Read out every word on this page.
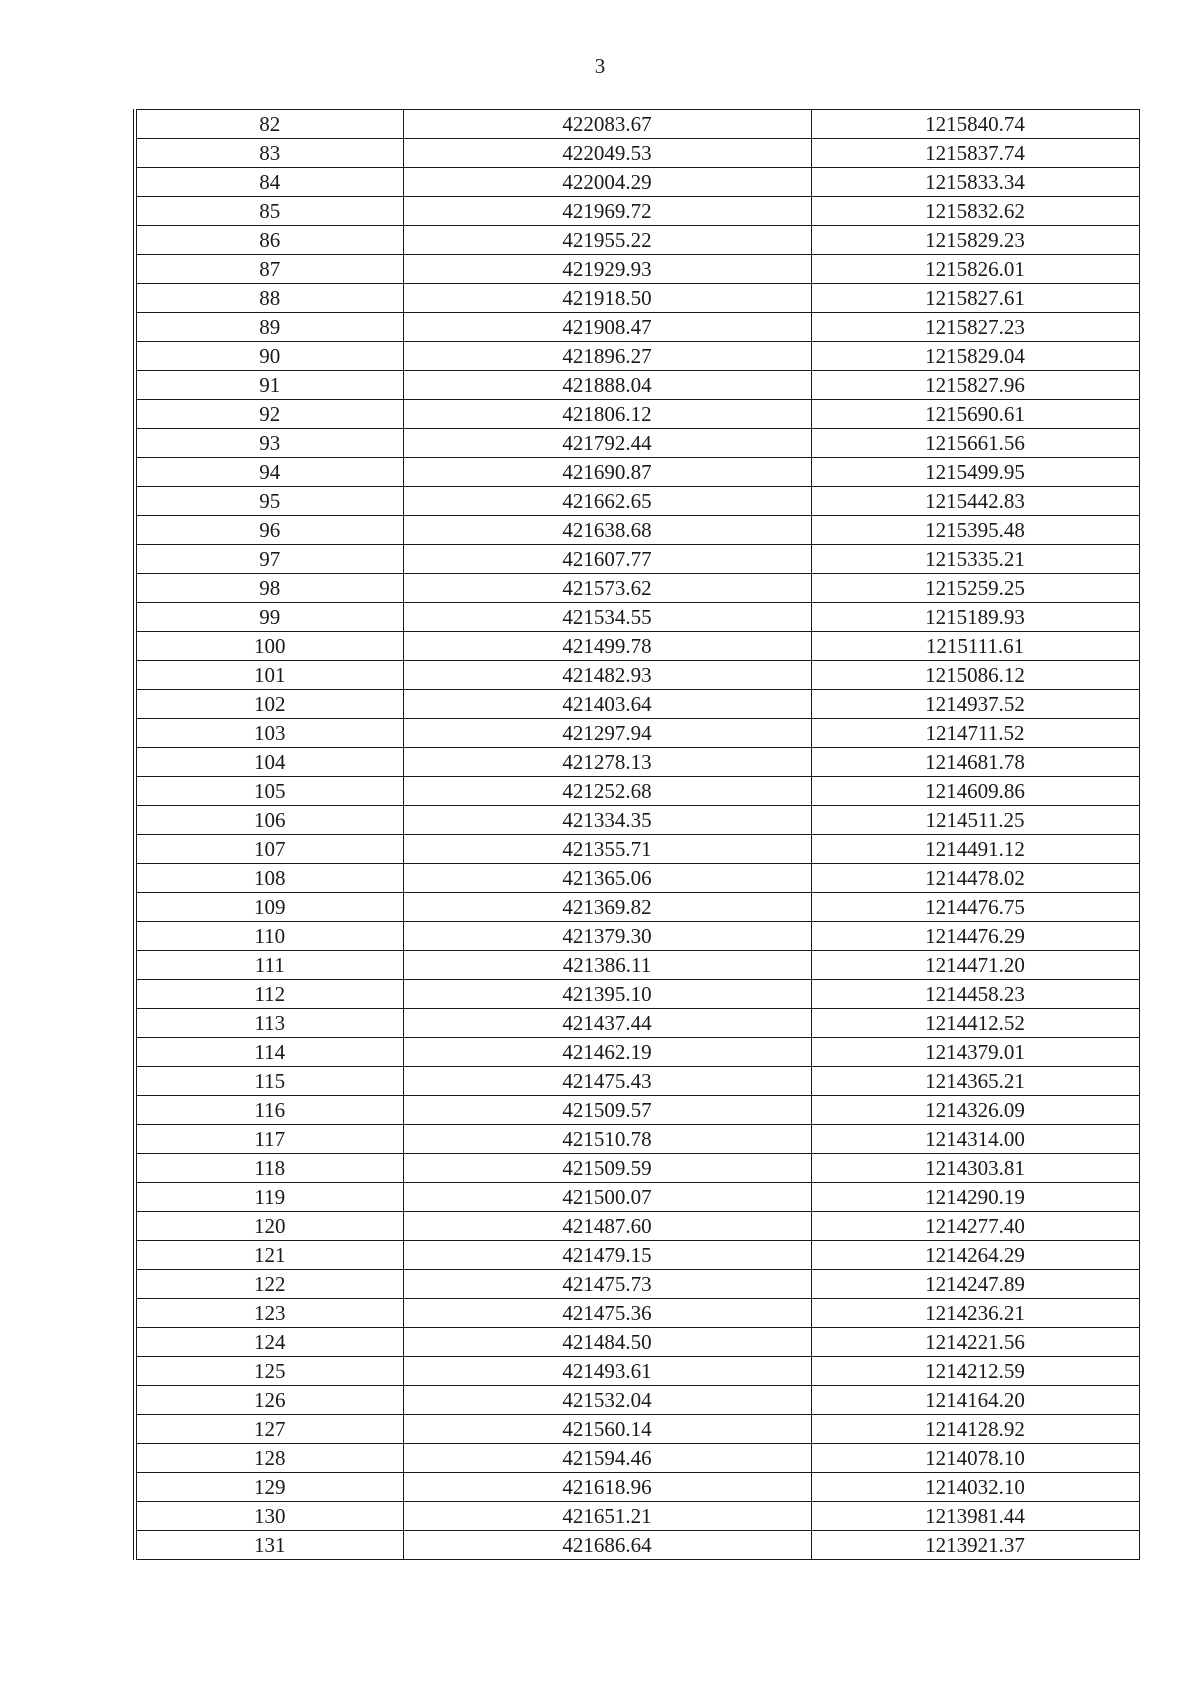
3
82	422083.67	1215840.74
83	422049.53	1215837.74
84	422004.29	1215833.34
85	421969.72	1215832.62
86	421955.22	1215829.23
87	421929.93	1215826.01
88	421918.50	1215827.61
89	421908.47	1215827.23
90	421896.27	1215829.04
91	421888.04	1215827.96
92	421806.12	1215690.61
93	421792.44	1215661.56
94	421690.87	1215499.95
95	421662.65	1215442.83
96	421638.68	1215395.48
97	421607.77	1215335.21
98	421573.62	1215259.25
99	421534.55	1215189.93
100	421499.78	1215111.61
101	421482.93	1215086.12
102	421403.64	1214937.52
103	421297.94	1214711.52
104	421278.13	1214681.78
105	421252.68	1214609.86
106	421334.35	1214511.25
107	421355.71	1214491.12
108	421365.06	1214478.02
109	421369.82	1214476.75
110	421379.30	1214476.29
111	421386.11	1214471.20
112	421395.10	1214458.23
113	421437.44	1214412.52
114	421462.19	1214379.01
115	421475.43	1214365.21
116	421509.57	1214326.09
117	421510.78	1214314.00
118	421509.59	1214303.81
119	421500.07	1214290.19
120	421487.60	1214277.40
121	421479.15	1214264.29
122	421475.73	1214247.89
123	421475.36	1214236.21
124	421484.50	1214221.56
125	421493.61	1214212.59
126	421532.04	1214164.20
127	421560.14	1214128.92
128	421594.46	1214078.10
129	421618.96	1214032.10
130	421651.21	1213981.44
131	421686.64	1213921.37
